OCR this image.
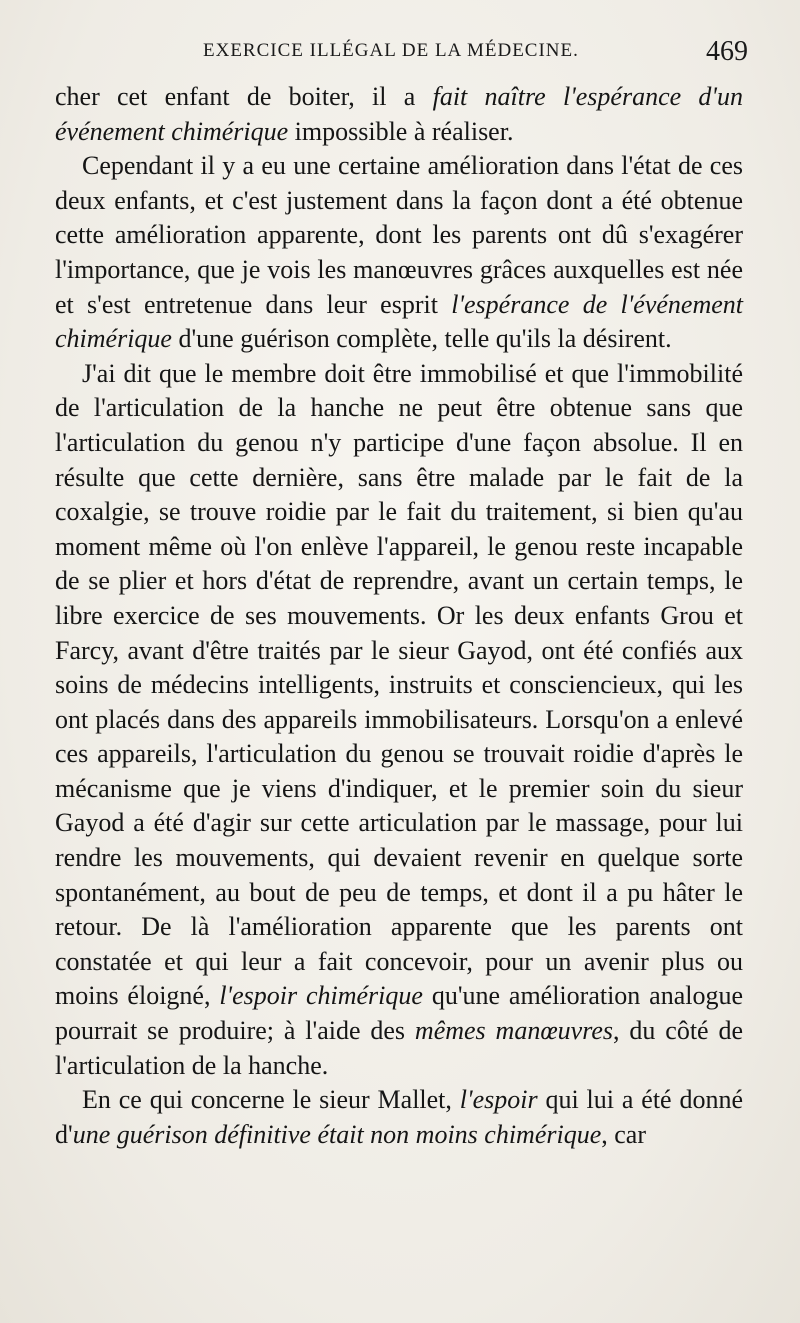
EXERCICE ILLÉGAL DE LA MÉDECINE.	469

cher cet enfant de boiter, il a fait naître l'espérance d'un événement chimérique impossible à réaliser.

Cependant il y a eu une certaine amélioration dans l'état de ces deux enfants, et c'est justement dans la façon dont a été obtenue cette amélioration apparente, dont les parents ont dû s'exagérer l'importance, que je vois les manœuvres grâces auxquelles est née et s'est entretenue dans leur esprit l'espérance de l'événement chimérique d'une guérison complète, telle qu'ils la désirent.

J'ai dit que le membre doit être immobilisé et que l'immobilité de l'articulation de la hanche ne peut être obtenue sans que l'articulation du genou n'y participe d'une façon absolue. Il en résulte que cette dernière, sans être malade par le fait de la coxalgie, se trouve roidie par le fait du traitement, si bien qu'au moment même où l'on enlève l'appareil, le genou reste incapable de se plier et hors d'état de reprendre, avant un certain temps, le libre exercice de ses mouvements. Or les deux enfants Grou et Farcy, avant d'être traités par le sieur Gayod, ont été confiés aux soins de médecins intelligents, instruits et consciencieux, qui les ont placés dans des appareils immobilisateurs. Lorsqu'on a enlevé ces appareils, l'articulation du genou se trouvait roidie d'après le mécanisme que je viens d'indiquer, et le premier soin du sieur Gayod a été d'agir sur cette articulation par le massage, pour lui rendre les mouvements, qui devaient revenir en quelque sorte spontanément, au bout de peu de temps, et dont il a pu hâter le retour. De là l'amélioration apparente que les parents ont constatée et qui leur a fait concevoir, pour un avenir plus ou moins éloigné, l'espoir chimérique qu'une amélioration analogue pourrait se produire; à l'aide des mêmes manœuvres, du côté de l'articulation de la hanche.

En ce qui concerne le sieur Mallet, l'espoir qui lui a été donné d'une guérison définitive était non moins chimérique, car
